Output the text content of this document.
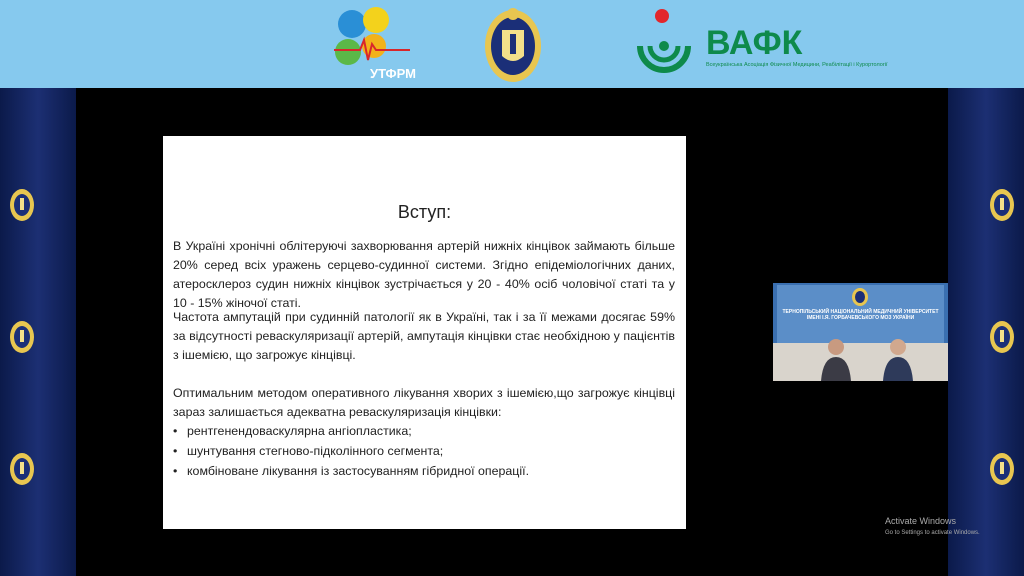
УТФРМ
ВАФК
Всеукраїнська Асоціація Фізичної Медицини, Реабілітації і Курортології
Вступ:
В Україні хронічні облітеруючі захворювання артерій нижніх кінцівок займають більше 20% серед всіх уражень серцево-судинної системи. Згідно епідеміологічних даних, атеросклероз судин нижніх кінцівок зустрічається у 20 - 40% осіб чоловічої статі та у 10 - 15% жіночої статі.
Частота ампутацій при судинній патології як в Україні, так і за її межами досягає 59% за відсутності реваскуляризації артерій, ампутація кінцівки стає необхідною у пацієнтів з ішемією, що загрожує кінцівці.
Оптимальним методом оперативного лікування хворих з ішемією,що загрожує кінцівці зараз залишається адекватна реваскуляризація кінцівки:
• рентгенендоваскулярна ангіопластика;
• шунтування стегново-підколінного сегмента;
• комбіноване лікування із застосуванням гібридної операції.
ТЕРНОПІЛЬСЬКИЙ НАЦІОНАЛЬНИЙ МЕДИЧНИЙ УНІВЕРСИТЕТ ІМЕНІ І.Я. ГОРБАЧЕВСЬКОГО МОЗ УКРАЇНИ
Activate Windows
Go to Settings to activate Windows.
